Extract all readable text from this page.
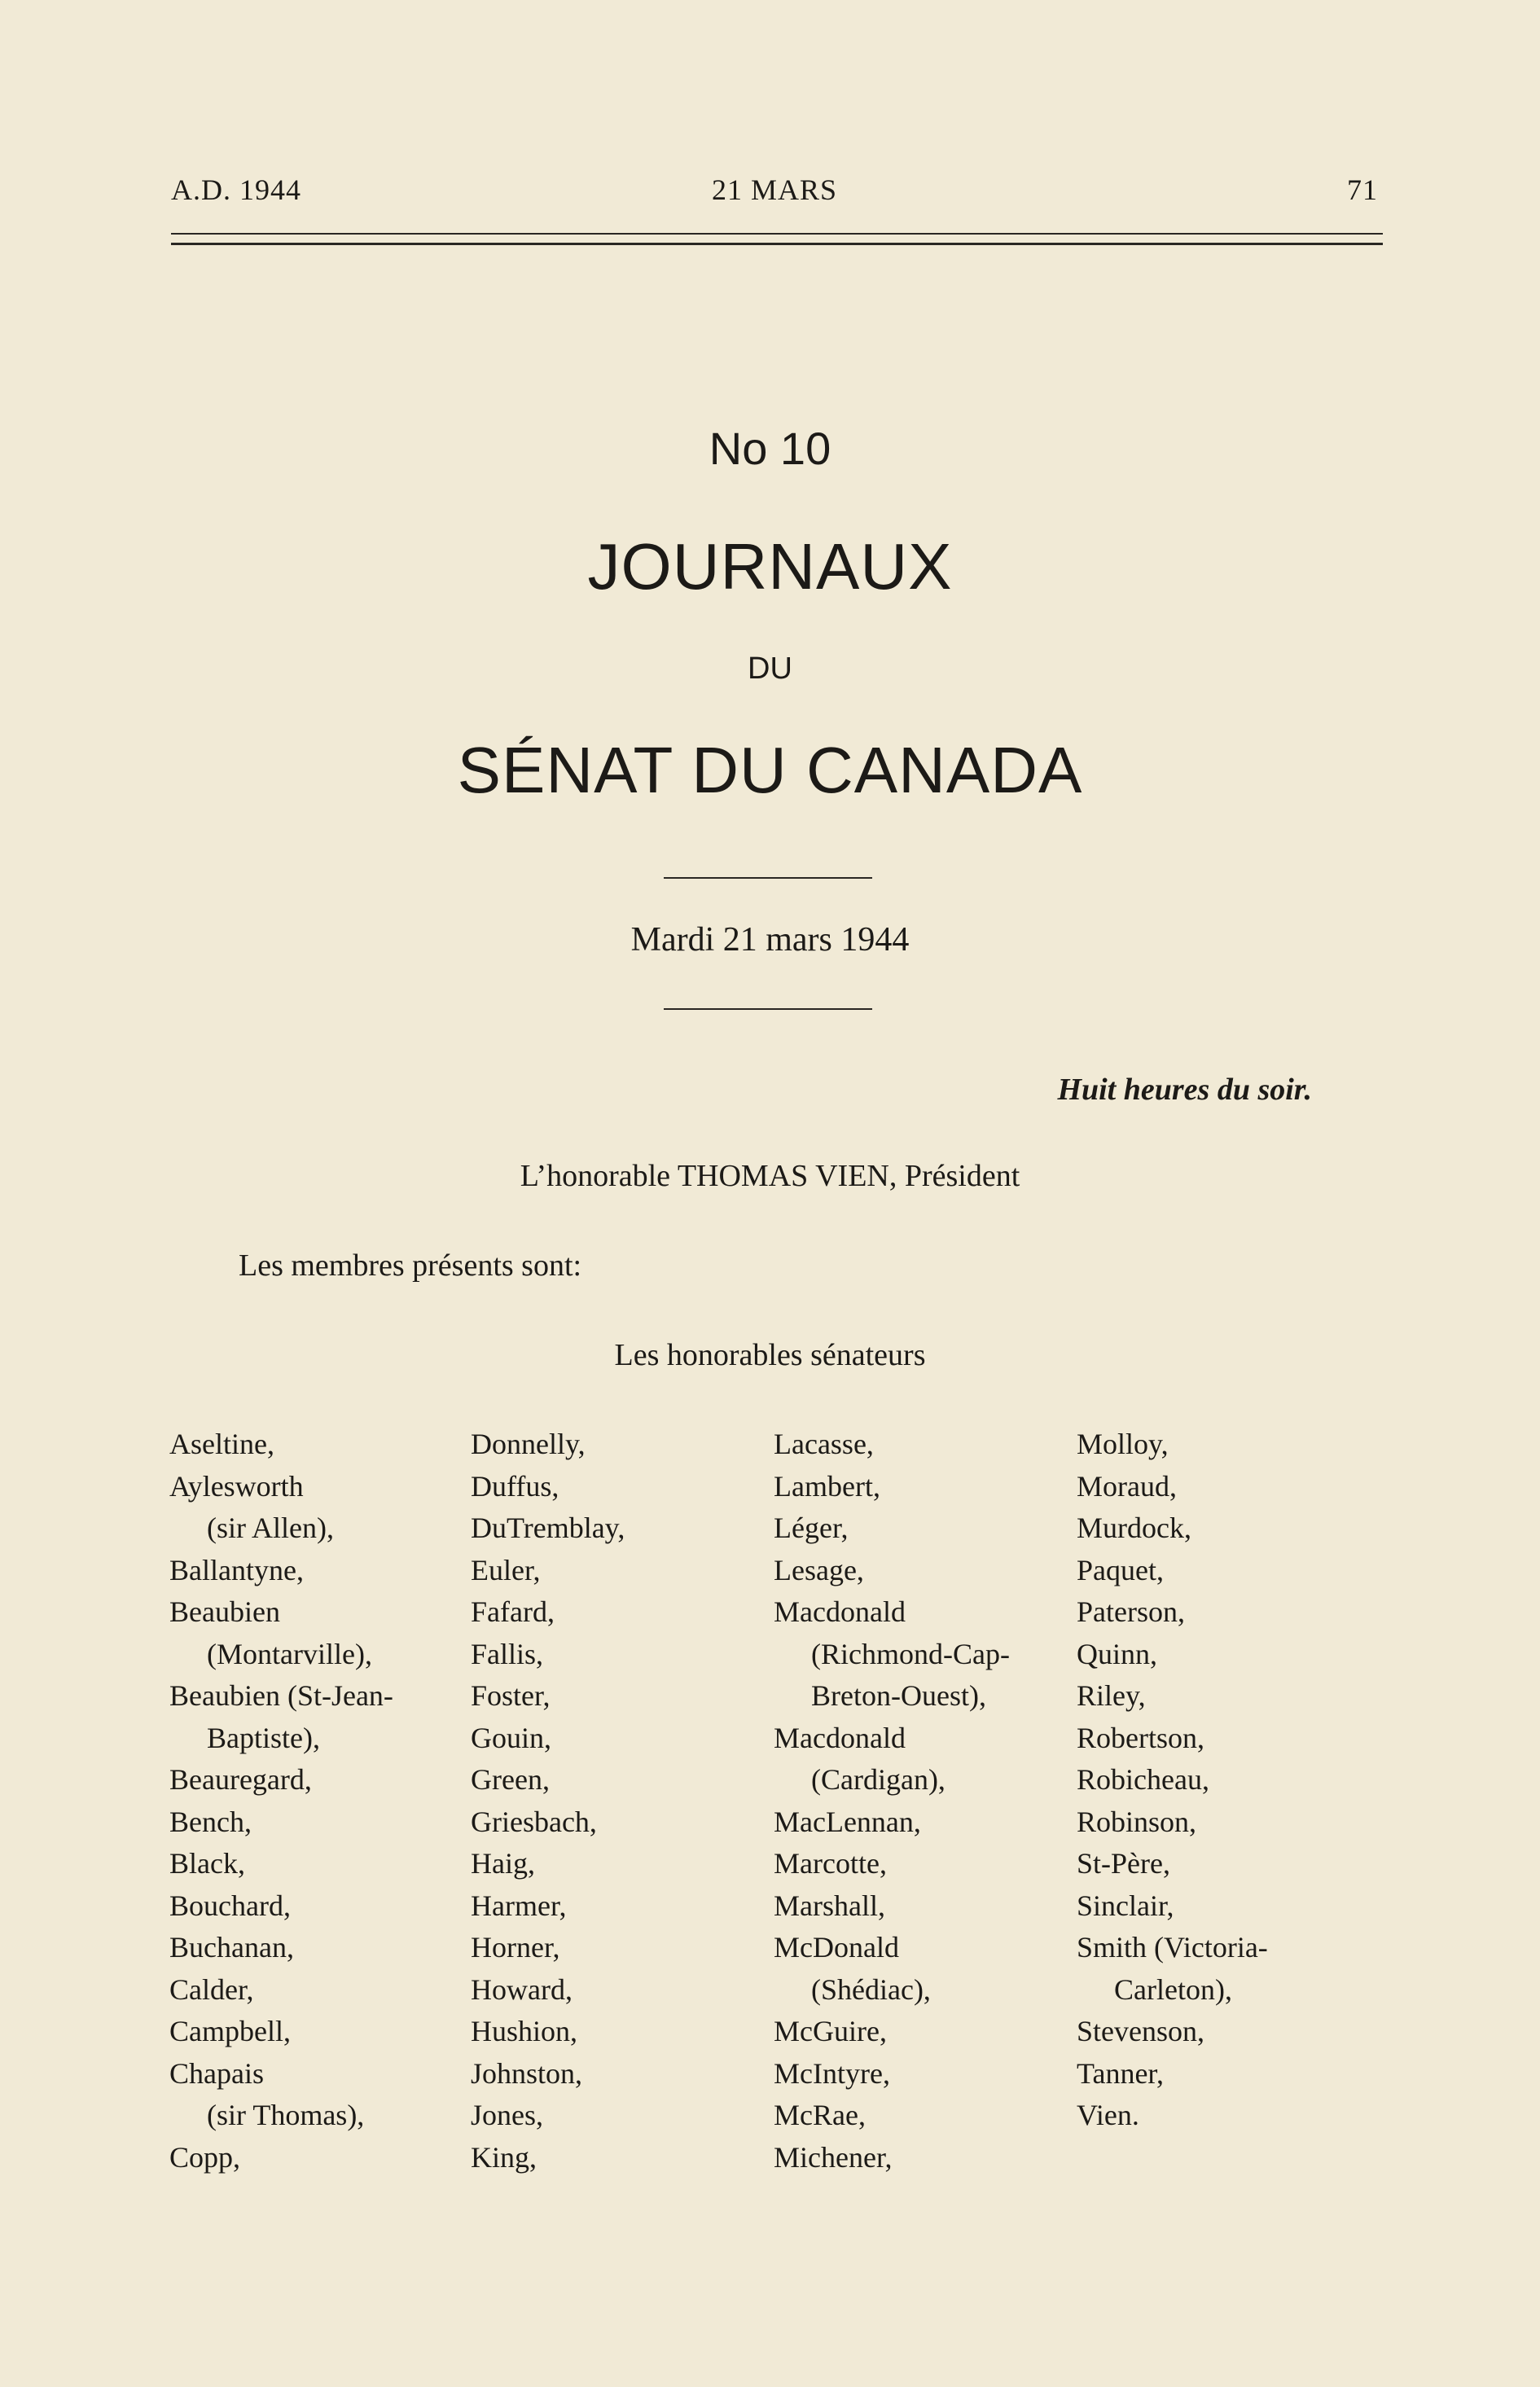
A.D. 1944	21 MARS	71
No 10
JOURNAUX
DU
SÉNAT DU CANADA
Mardi 21 mars 1944
Huit heures du soir.
L’honorable THOMAS VIEN, Président
Les membres présents sont:
Les honorables sénateurs
Aseltine,
Aylesworth
(sir Allen),
Ballantyne,
Beaubien
(Montarville),
Beaubien (St-Jean-
Baptiste),
Beauregard,
Bench,
Black,
Bouchard,
Buchanan,
Calder,
Campbell,
Chapais
(sir Thomas),
Copp,
Donnelly,
Duffus,
DuTremblay,
Euler,
Fafard,
Fallis,
Foster,
Gouin,
Green,
Griesbach,
Haig,
Harmer,
Horner,
Howard,
Hushion,
Johnston,
Jones,
King,
Lacasse,
Lambert,
Léger,
Lesage,
Macdonald
(Richmond-Cap-
Breton-Ouest),
Macdonald
(Cardigan),
MacLennan,
Marcotte,
Marshall,
McDonald
(Shédiac),
McGuire,
McIntyre,
McRae,
Michener,
Molloy,
Moraud,
Murdock,
Paquet,
Paterson,
Quinn,
Riley,
Robertson,
Robicheau,
Robinson,
St-Père,
Sinclair,
Smith (Victoria-
Carleton),
Stevenson,
Tanner,
Vien.
